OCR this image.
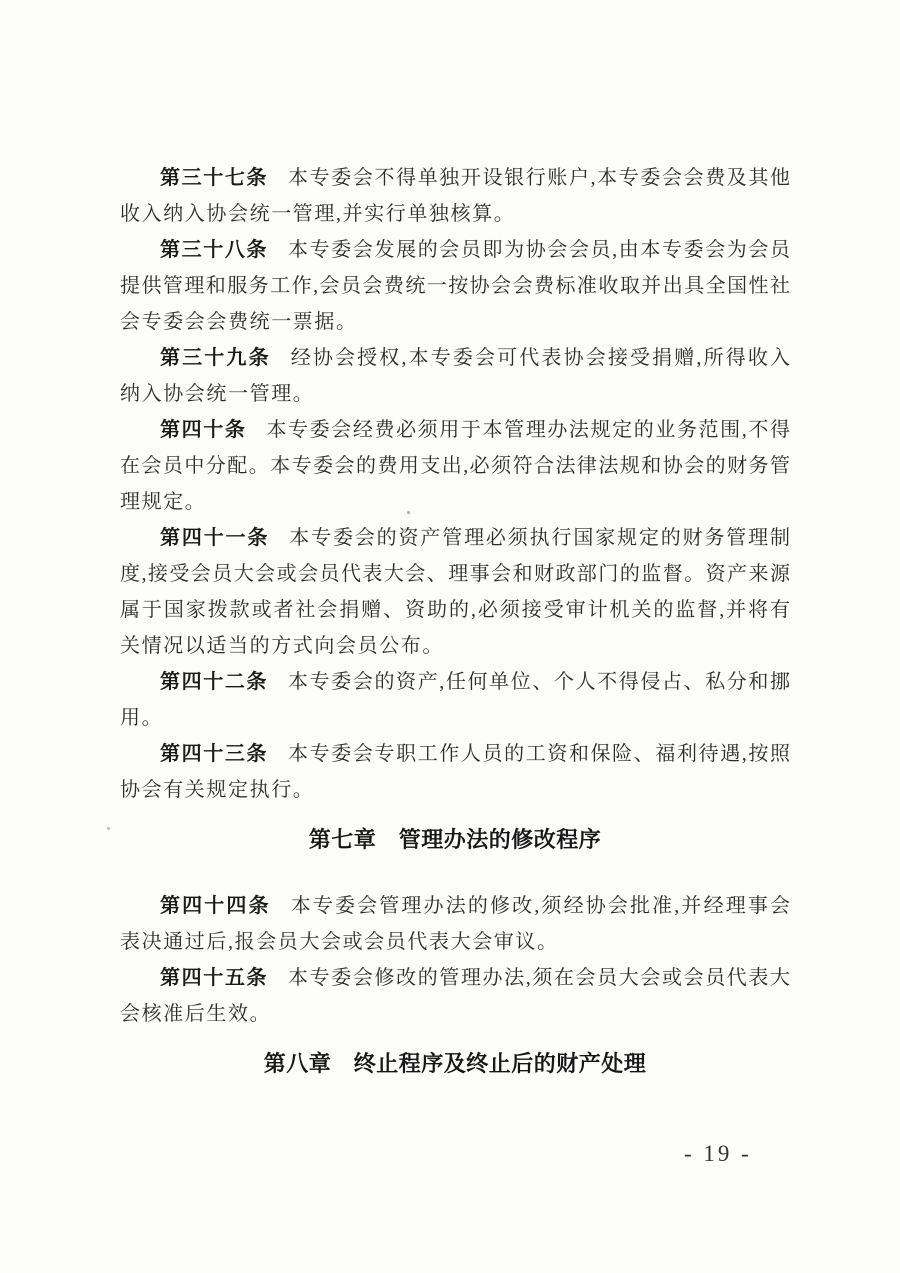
第三十七条 本专委会不得单独开设银行账户,本专委会会费及其他
收入纳入协会统一管理,并实行单独核算。
第三十八条 本专委会发展的会员即为协会会员,由本专委会为会员
提供管理和服务工作,会员会费统一按协会会费标准收取并出具全国性社
会专委会会费统一票据。
第三十九条 经协会授权,本专委会可代表协会接受捐赠,所得收入
纳入协会统一管理。
第四十条 本专委会经费必须用于本管理办法规定的业务范围,不得
在会员中分配。本专委会的费用支出,必须符合法律法规和协会的财务管
理规定。
第四十一条 本专委会的资产管理必须执行国家规定的财务管理制
度,接受会员大会或会员代表大会、理事会和财政部门的监督。资产来源
属于国家拨款或者社会捐赠、资助的,必须接受审计机关的监督,并将有
关情况以适当的方式向会员公布。
第四十二条 本专委会的资产,任何单位、个人不得侵占、私分和挪
用。
第四十三条 本专委会专职工作人员的工资和保险、福利待遇,按照
协会有关规定执行。
第七章　管理办法的修改程序
第四十四条 本专委会管理办法的修改,须经协会批准,并经理事会
表决通过后,报会员大会或会员代表大会审议。
第四十五条 本专委会修改的管理办法,须在会员大会或会员代表大
会核准后生效。
第八章　终止程序及终止后的财产处理
- 19 -
